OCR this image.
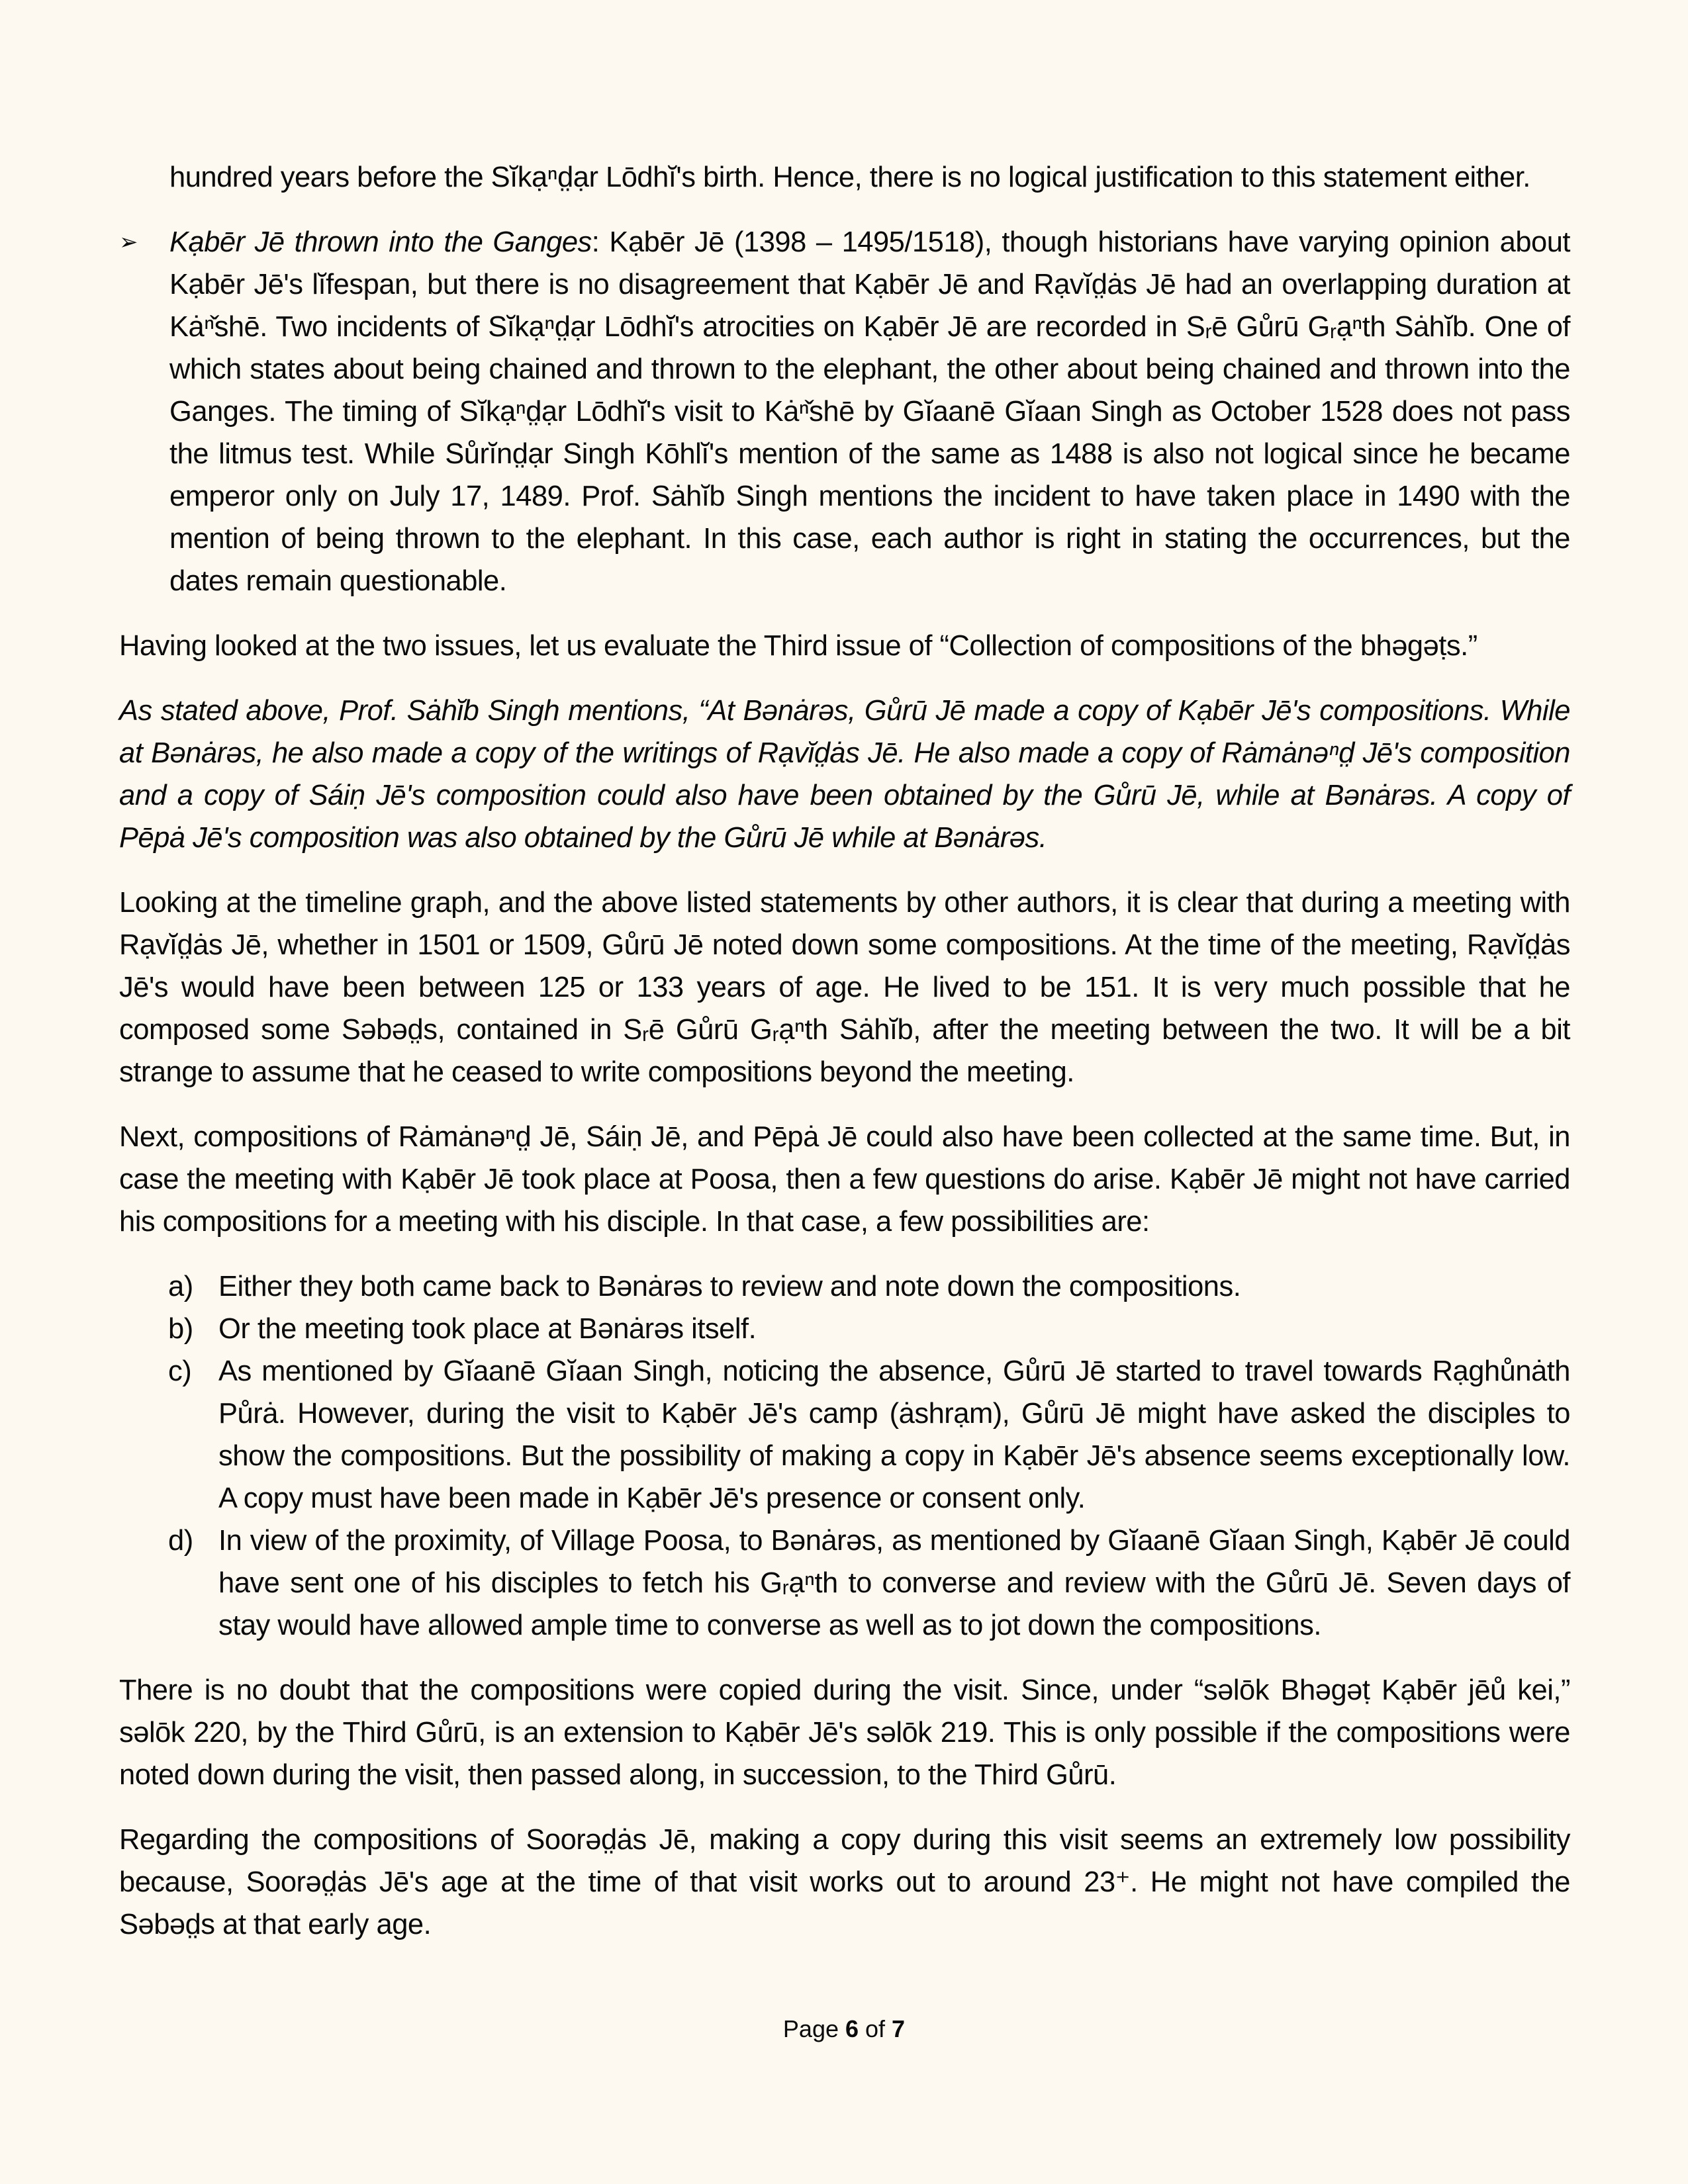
hundred years before the Sĭkạⁿd̤ạr Lōdhĭ's birth. Hence, there is no logical justification to this statement either.

➢ Kạbēr Jē thrown into the Ganges: Kạbēr Jē (1398 – 1495/1518), though historians have varying opinion about Kạbēr Jē's lĭfespan, but there is no disagreement that Kạbēr Jē and Rạvĭd̤ȧs Jē had an overlapping duration at Kȧⁿ̌shē. Two incidents of Sĭkạⁿd̤ạr Lōdhĭ's atrocities on Kạbēr Jē are recorded in Sᵣē Gůrū Gᵣạⁿth Sȧhĭb. One of which states about being chained and thrown to the elephant, the other about being chained and thrown into the Ganges. The timing of Sĭkạⁿd̤ạr Lōdhĭ's visit to Kȧⁿ̌shē by Gĭaanē Gĭaan Singh as October 1528 does not pass the litmus test. While Sůrĭnd̤ạr Singh Kōhlĭ's mention of the same as 1488 is also not logical since he became emperor only on July 17, 1489. Prof. Sȧhĭb Singh mentions the incident to have taken place in 1490 with the mention of being thrown to the elephant. In this case, each author is right in stating the occurrences, but the dates remain questionable.

Having looked at the two issues, let us evaluate the Third issue of “Collection of compositions of the bhəgəṭs.”

As stated above, Prof. Sȧhĭb Singh mentions, “At Bənȧrəs, Gůrū Jē made a copy of Kạbēr Jē's compositions. While at Bənȧrəs, he also made a copy of the writings of Rạvĭd̤ȧs Jē. He also made a copy of Rȧmȧnəⁿd̤ Jē's composition and a copy of Sáiṇ Jē's composition could also have been obtained by the Gůrū Jē, while at Bənȧrəs. A copy of Pēpȧ Jē's composition was also obtained by the Gůrū Jē while at Bənȧrəs.

Looking at the timeline graph, and the above listed statements by other authors, it is clear that during a meeting with Rạvĭd̤ȧs Jē, whether in 1501 or 1509, Gůrū Jē noted down some compositions. At the time of the meeting, Rạvĭd̤ȧs Jē's would have been between 125 or 133 years of age. He lived to be 151. It is very much possible that he composed some Səbəd̤s, contained in Sᵣē Gůrū Gᵣạⁿth Sȧhĭb, after the meeting between the two. It will be a bit strange to assume that he ceased to write compositions beyond the meeting.

Next, compositions of Rȧmȧnəⁿd̤ Jē, Sáiṇ Jē, and Pēpȧ Jē could also have been collected at the same time. But, in case the meeting with Kạbēr Jē took place at Poosa, then a few questions do arise. Kạbēr Jē might not have carried his compositions for a meeting with his disciple. In that case, a few possibilities are:

a) Either they both came back to Bənȧrəs to review and note down the compositions.
b) Or the meeting took place at Bənȧrəs itself.
c) As mentioned by Gĭaanē Gĭaan Singh, noticing the absence, Gůrū Jē started to travel towards Rạghůnȧth Půrȧ. However, during the visit to Kạbēr Jē's camp (ȧshrạm), Gůrū Jē might have asked the disciples to show the compositions. But the possibility of making a copy in Kạbēr Jē's absence seems exceptionally low. A copy must have been made in Kạbēr Jē's presence or consent only.
d) In view of the proximity, of Village Poosa, to Bənȧrəs, as mentioned by Gĭaanē Gĭaan Singh, Kạbēr Jē could have sent one of his disciples to fetch his Gᵣạⁿth to converse and review with the Gůrū Jē. Seven days of stay would have allowed ample time to converse as well as to jot down the compositions.

There is no doubt that the compositions were copied during the visit. Since, under “səlōk Bhəgəṭ Kạbēr jēů kei,” səlōk 220, by the Third Gůrū, is an extension to Kạbēr Jē's səlōk 219. This is only possible if the compositions were noted down during the visit, then passed along, in succession, to the Third Gůrū.

Regarding the compositions of Soorəd̤ȧs Jē, making a copy during this visit seems an extremely low possibility because, Soorəd̤ȧs Jē's age at the time of that visit works out to around 23⁺. He might not have compiled the Səbəd̤s at that early age.

Page 6 of 7
